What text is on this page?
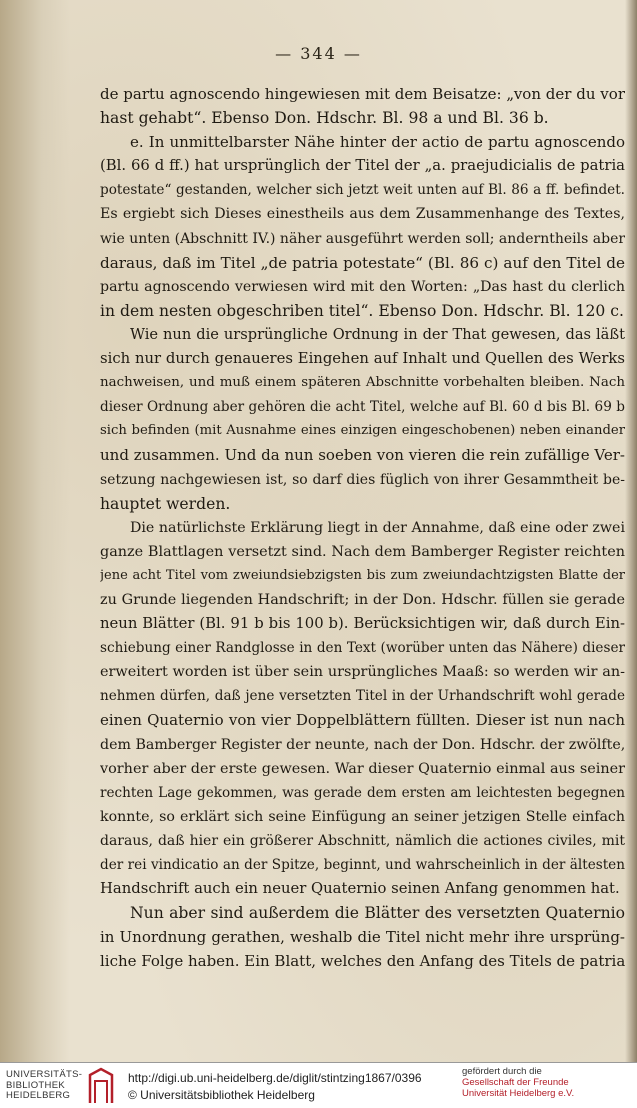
— 344 —
de partu agnoscendo hingewiesen mit dem Beisatze: „von der du vor
hast gehabt“. Ebenso Don. Hdschr. Bl. 98 a und Bl. 36 b.
e. In unmittelbarster Nähe hinter der actio de partu agnoscendo
(Bl. 66 d ff.) hat ursprünglich der Titel der „a. praejudicialis de patria
potestate“ gestanden, welcher sich jetzt weit unten auf Bl. 86 a ff. befindet.
Es ergiebt sich Dieses einestheils aus dem Zusammenhange des Textes,
wie unten (Abschnitt IV.) näher ausgeführt werden soll; anderntheils aber
daraus, daß im Titel „de patria potestate“ (Bl. 86 c) auf den Titel de
partu agnoscendo verwiesen wird mit den Worten: „Das hast du clerlich
in dem nesten obgeschriben titel“. Ebenso Don. Hdschr. Bl. 120 c.
Wie nun die ursprüngliche Ordnung in der That gewesen, das läßt
sich nur durch genaueres Eingehen auf Inhalt und Quellen des Werks
nachweisen, und muß einem späteren Abschnitte vorbehalten bleiben. Nach
dieser Ordnung aber gehören die acht Titel, welche auf Bl. 60 d bis Bl. 69 b
sich befinden (mit Ausnahme eines einzigen eingeschobenen) neben einander
und zusammen. Und da nun soeben von vieren die rein zufällige Ver-
setzung nachgewiesen ist, so darf dies füglich von ihrer Gesammtheit be-
hauptet werden.
Die natürlichste Erklärung liegt in der Annahme, daß eine oder zwei
ganze Blattlagen versetzt sind. Nach dem Bamberger Register reichten
jene acht Titel vom zweiundsiebzigsten bis zum zweiundachtzigsten Blatte der
zu Grunde liegenden Handschrift; in der Don. Hdschr. füllen sie gerade
neun Blätter (Bl. 91 b bis 100 b). Berücksichtigen wir, daß durch Ein-
schiebung einer Randglosse in den Text (worüber unten das Nähere) dieser
erweitert worden ist über sein ursprüngliches Maaß: so werden wir an-
nehmen dürfen, daß jene versetzten Titel in der Urhandschrift wohl gerade
einen Quaternio von vier Doppelblättern füllten. Dieser ist nun nach
dem Bamberger Register der neunte, nach der Don. Hdschr. der zwölfte,
vorher aber der erste gewesen. War dieser Quaternio einmal aus seiner
rechten Lage gekommen, was gerade dem ersten am leichtesten begegnen
konnte, so erklärt sich seine Einfügung an seiner jetzigen Stelle einfach
daraus, daß hier ein größerer Abschnitt, nämlich die actiones civiles, mit
der rei vindicatio an der Spitze, beginnt, und wahrscheinlich in der ältesten
Handschrift auch ein neuer Quaternio seinen Anfang genommen hat.
Nun aber sind außerdem die Blätter des versetzten Quaternio
in Unordnung gerathen, weshalb die Titel nicht mehr ihre ursprüng-
liche Folge haben. Ein Blatt, welches den Anfang des Titels de patria
UNIVERSITÄTS-
BIBLIOTHEK
HEIDELBERG
http://digi.ub.uni-heidelberg.de/diglit/stintzing1867/0396
© Universitätsbibliothek Heidelberg
gefördert durch die
Gesellschaft der Freunde
Universität Heidelberg e.V.
